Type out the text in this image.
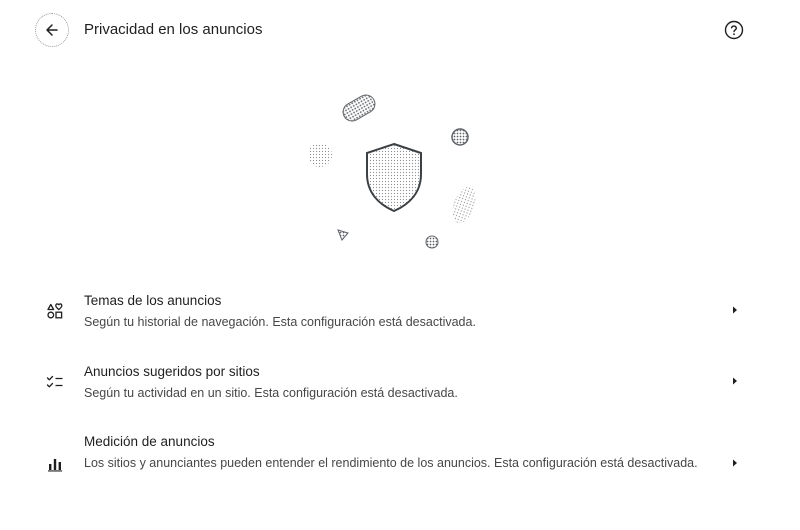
Privacidad en los anuncios
Temas de los anuncios
Según tu historial de navegación. Esta configuración está desactivada.
Anuncios sugeridos por sitios
Según tu actividad en un sitio. Esta configuración está desactivada.
Medición de anuncios
Los sitios y anunciantes pueden entender el rendimiento de los anuncios. Esta configuración está desactivada.
